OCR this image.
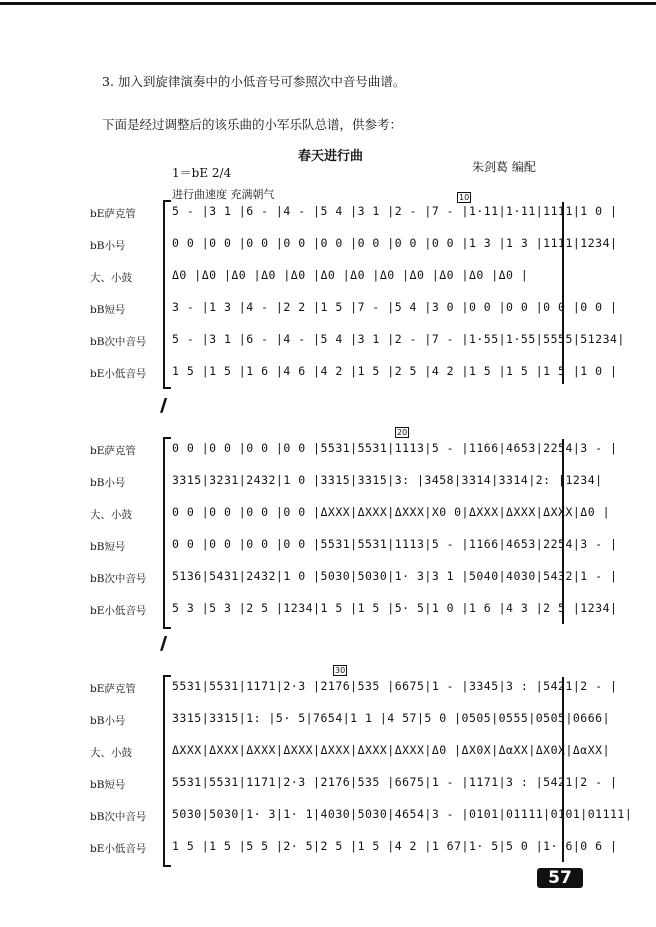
3. 加入到旋律演奏中的小低音号可参照次中音号曲谱。
下面是经过调整后的该乐曲的小军乐队总谱，供参考：
春天进行曲
朱剑葛 编配
1＝bE 2/4
进行曲速度 充满朝气	10
bE萨克管	5 - |3 1 |6 - |4 - |5 4 |3 1 |2 - |7 - |1·11|1·11|1111|1 0 |
bB小号	0 0 |0 0 |0 0 |0 0 |0 0 |0 0 |0 0 |0 0 |1 3 |1 3 |1111|1234|
大、小鼓	Δ0 |Δ0 |Δ0 |Δ0 |Δ0 |Δ0 |Δ0 |Δ0 |Δ0 |Δ0 |Δ0 |Δ0 |
bB短号	3 - |1 3 |4 - |2 2 |1 5 |7 - |5 4 |3 0 |0 0 |0 0 |0 0 |0 0 |
bB次中音号	5 - |3 1 |6 - |4 - |5 4 |3 1 |2 - |7 - |1·55|1·55|5555|51234|
bE小低音号	1 5 |1 5 |1 6 |4 6 |4 2 |1 5 |2 5 |4 2 |1 5 |1 5 |1 5 |1 0 |
//
20
bE萨克管	0 0 |0 0 |0 0 |0 0 |5531|5531|1113|5 - |1166|4653|2254|3 - |
bB小号	3315|3231|2432|1 0 |3315|3315|3: |3458|3314|3314|2: |1234|
大、小鼓	0 0 |0 0 |0 0 |0 0 |ΔXXX|ΔXXX|ΔXXX|X0 0|ΔXXX|ΔXXX|ΔXXX|Δ0 |
bB短号	0 0 |0 0 |0 0 |0 0 |5531|5531|1113|5 - |1166|4653|2254|3 - |
bB次中音号	5136|5431|2432|1 0 |5030|5030|1· 3|3 1 |5040|4030|5432|1 - |
bE小低音号	5 3 |5 3 |2 5 |1234|1 5 |1 5 |5· 5|1 0 |1 6 |4 3 |2 5 |1234|
//
30
bE萨克管	5531|5531|1171|2·3 |2176|535 |6675|1 - |3345|3 : |5421|2 - |
bB小号	3315|3315|1: |5· 5|7654|1 1 |4 57|5 0 |0505|0555|0505|0666|
大、小鼓	ΔXXX|ΔXXX|ΔXXX|ΔXXX|ΔXXX|ΔXXX|ΔXXX|Δ0 |ΔX0X|ΔαXX|ΔX0X|ΔαXX|
bB短号	5531|5531|1171|2·3 |2176|535 |6675|1 - |1171|3 : |5421|2 - |
bB次中音号	5030|5030|1· 3|1· 1|4030|5030|4654|3 - |0101|01111|0101|01111|
bE小低音号	1 5 |1 5 |5 5 |2· 5|2 5 |1 5 |4 2 |1 67|1· 5|5 0 |1· 6|0 6 |
57
